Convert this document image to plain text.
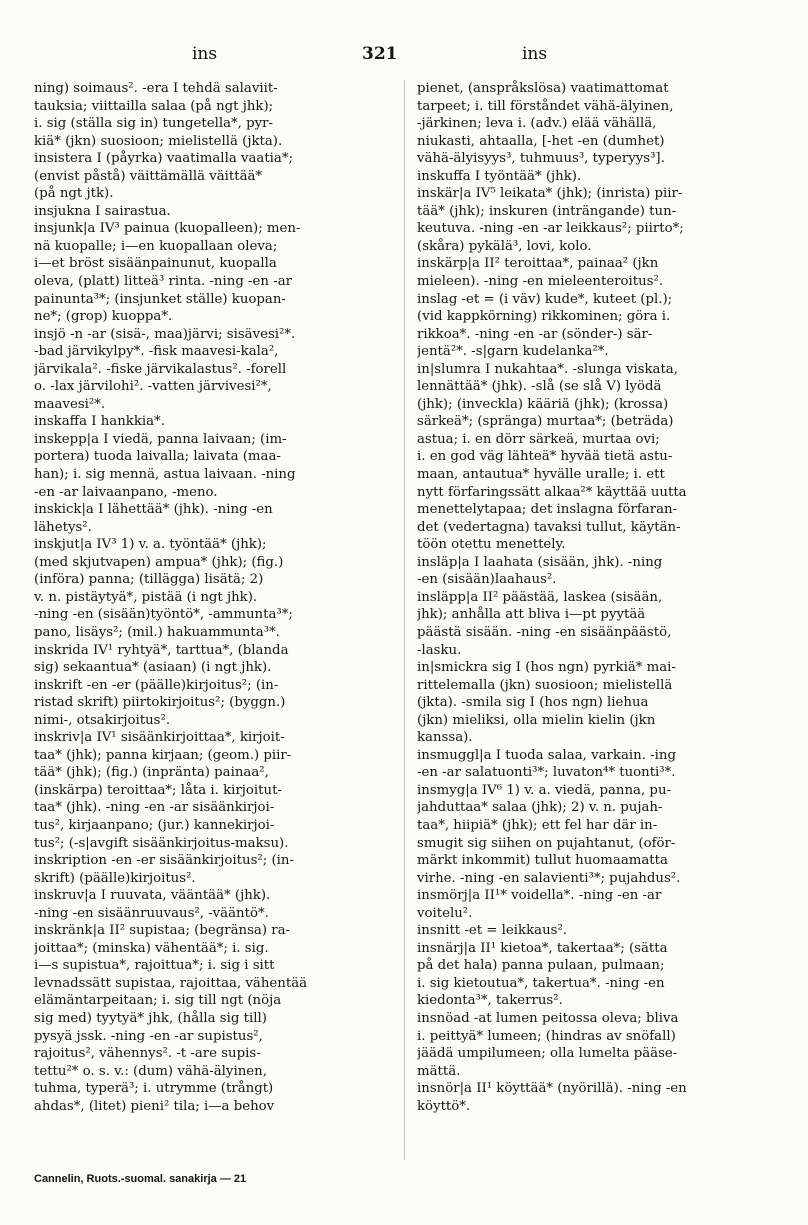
ins	321	ins
ning) soimaus². -era I tehdä salaviit-
tauksia; viittailla salaa (på ngt jhk);
i. sig (ställa sig in) tungetella*, pyr-
kiä* (jkn) suosioon; mielistellä (jkta).
insistera I (påyrka) vaatimalla vaatia*;
(envist påstå) väittämällä väittää*
(på ngt jtk).
insjukna I sairastua.
insjunk|a IV³ painua (kuopalleen); men-
nä kuopalle; i—en kuopallaan oleva;
i—et bröst sisäänpainunut, kuopalla
oleva, (platt) litteä³ rinta. -ning -en -ar
painunta³*; (insjunket ställe) kuopan-
ne*; (grop) kuoppa*.
insjö -n -ar (sisä-, maa)järvi; sisävesi²*.
-bad järvikylpy*. -fisk maavesi-kala²,
järvikala². -fiske järvikalastus². -forell
o. -lax järvilohi². -vatten järvivesi²*,
maavesi²*.
inskaffa I hankkia*.
inskepp|a I viedä, panna laivaan; (im-
portera) tuoda laivalla; laivata (maa-
han); i. sig mennä, astua laivaan. -ning
-en -ar laivaanpano, -meno.
inskick|a I lähettää* (jhk). -ning -en
lähetys².
inskjut|a IV³ 1) v. a. työntää* (jhk);
(med skjutvapen) ampua* (jhk); (fig.)
(införa) panna; (tillägga) lisätä; 2)
v. n. pistäytyä*, pistää (i ngt jhk).
-ning -en (sisään)työntö*, -ammunta³*;
pano, lisäys²; (mil.) hakuammunta³*.
inskrida IV¹ ryhtyä*, tarttua*, (blanda
sig) sekaantua* (asiaan) (i ngt jhk).
inskrift -en -er (päälle)kirjoitus²; (in-
ristad skrift) piirtokirjoitus²; (byggn.)
nimi-, otsakirjoitus².
inskriv|a IV¹ sisäänkirjoittaa*, kirjoit-
taa* (jhk); panna kirjaan; (geom.) piir-
tää* (jhk); (fig.) (inpränta) painaa²,
(inskärpa) teroittaa*; låta i. kirjoitut-
taa* (jhk). -ning -en -ar sisäänkirjoi-
tus², kirjaanpano; (jur.) kannekirjoi-
tus²; (-s|avgift sisäänkirjoitus-maksu).
inskription -en -er sisäänkirjoitus²; (in-
skrift) (päälle)kirjoitus².
inskruv|a I ruuvata, vääntää* (jhk).
-ning -en sisäänruuvaus², -vääntö*.
inskränk|a II² supistaa; (begränsa) ra-
joittaa*; (minska) vähentää*; i. sig.
i—s supistua*, rajoittua*; i. sig i sitt
levnadssätt supistaa, rajoittaa, vähentää
elämäntarpeitaan; i. sig till ngt (nöja
sig med) tyytyä* jhk, (hålla sig till)
pysyä jssk. -ning -en -ar supistus²,
rajoitus², vähennys². -t -are supis-
tettu²* o. s. v.: (dum) vähä-älyinen,
tuhma, typerä³; i. utrymme (trångt)
ahdas*, (litet) pieni² tila; i—a behov
pienet, (anspråkslösa) vaatimattomat
tarpeet; i. till förståndet vähä-älyinen,
-järkinen; leva i. (adv.) elää vähällä,
niukasti, ahtaalla, [-het -en (dumhet)
vähä-älyisyys³, tuhmuus³, typeryys³].
inskuffa I työntää* (jhk).
inskär|a IV⁵ leikata* (jhk); (inrista) piir-
tää* (jhk); inskuren (inträngande) tun-
keutuva. -ning -en -ar leikkaus²; piirto*;
(skåra) pykälä³, lovi, kolo.
inskärp|a II² teroittaa*, painaa² (jkn
mieleen). -ning -en mieleenteroitus².
inslag -et = (i väv) kude*, kuteet (pl.);
(vid kappkörning) rikkominen; göra i.
rikkoa*. -ning -en -ar (sönder-) sär-
jentä²*. -s|garn kudelanka²*.
in|slumra I nukahtaa*. -slunga viskata,
lennättää* (jhk). -slå (se slå V) lyödä
(jhk); (inveckla) kääriä (jhk); (krossa)
särkeä*; (spränga) murtaa*; (beträda)
astua; i. en dörr särkeä, murtaa ovi;
i. en god väg lähteä* hyvää tietä astu-
maan, antautua* hyvälle uralle; i. ett
nytt förfaringssätt alkaa²* käyttää uutta
menettelytapaa; det inslagna förfaran-
det (vedertagna) tavaksi tullut, käytän-
töön otettu menettely.
insläp|a I laahata (sisään, jhk). -ning
-en (sisään)laahaus².
insläpp|a II² päästää, laskea (sisään,
jhk); anhålla att bliva i—pt pyytää
päästä sisään. -ning -en sisäänpäästö,
-lasku.
in|smickra sig I (hos ngn) pyrkiä* mai-
rittelemalla (jkn) suosioon; mielistellä
(jkta). -smila sig I (hos ngn) liehua
(jkn) mieliksi, olla mielin kielin (jkn
kanssa).
insmuggl|a I tuoda salaa, varkain. -ing
-en -ar salatuonti³*; luvaton⁴* tuonti³*.
insmyg|a IV⁶ 1) v. a. viedä, panna, pu-
jahduttaa* salaa (jhk); 2) v. n. pujah-
taa*, hiipiä* (jhk); ett fel har där in-
smugit sig siihen on pujahtanut, (oför-
märkt inkommit) tullut huomaamatta
virhe. -ning -en salavienti³*; pujahdus².
insmörj|a II¹* voidella*. -ning -en -ar
voitelu².
insnitt -et = leikkaus².
insnärj|a II¹ kietoa*, takertaa*; (sätta
på det hala) panna pulaan, pulmaan;
i. sig kietoutua*, takertua*. -ning -en
kiedonta³*, takerrus².
insnöad -at lumen peitossa oleva; bliva
i. peittyä* lumeen; (hindras av snöfall)
jäädä umpilumeen; olla lumelta pääse-
mättä.
insnör|a II¹ köyttää* (nyörillä). -ning -en
köyttö*.
Cannelin, Ruots.-suomal. sanakirja — 21
